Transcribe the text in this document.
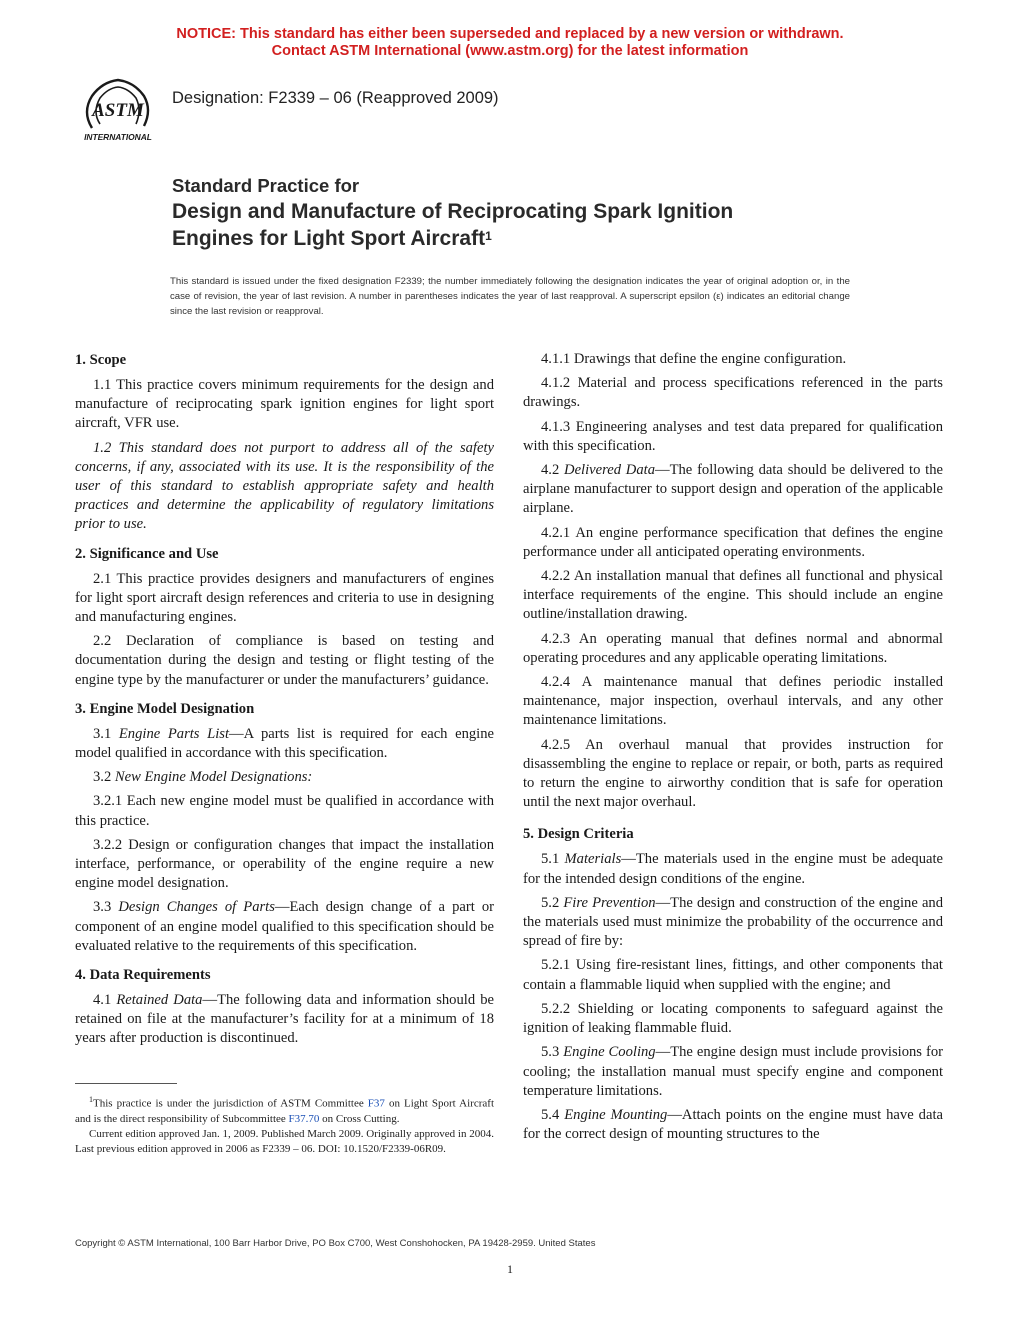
NOTICE: This standard has either been superseded and replaced by a new version or withdrawn.
Contact ASTM International (www.astm.org) for the latest information
ASTM
INTERNATIONAL
Designation: F2339 – 06 (Reapproved 2009)
Standard Practice for
Design and Manufacture of Reciprocating Spark Ignition
Engines for Light Sport Aircraft$^1$
This standard is issued under the fixed designation F2339; the number immediately following the designation indicates the year of original adoption or, in the case of revision, the year of last revision. A number in parentheses indicates the year of last reapproval. A superscript epsilon (ε) indicates an editorial change since the last revision or reapproval.
1. Scope

1.1 This practice covers minimum requirements for the design and manufacture of reciprocating spark ignition engines for light sport aircraft, VFR use.

1.2 This standard does not purport to address all of the safety concerns, if any, associated with its use. It is the responsibility of the user of this standard to establish appropriate safety and health practices and determine the applicability of regulatory limitations prior to use.

2. Significance and Use

2.1 This practice provides designers and manufacturers of engines for light sport aircraft design references and criteria to use in designing and manufacturing engines.

2.2 Declaration of compliance is based on testing and documentation during the design and testing or flight testing of the engine type by the manufacturer or under the manufacturers’ guidance.

3. Engine Model Designation

3.1 Engine Parts List—A parts list is required for each engine model qualified in accordance with this specification.

3.2 New Engine Model Designations:

3.2.1 Each new engine model must be qualified in accordance with this practice.

3.2.2 Design or configuration changes that impact the installation interface, performance, or operability of the engine require a new engine model designation.

3.3 Design Changes of Parts—Each design change of a part or component of an engine model qualified to this specification should be evaluated relative to the requirements of this specification.

4. Data Requirements

4.1 Retained Data—The following data and information should be retained on file at the manufacturer’s facility for at a minimum of 18 years after production is discontinued.

4.1.1 Drawings that define the engine configuration.

4.1.2 Material and process specifications referenced in the parts drawings.

4.1.3 Engineering analyses and test data prepared for qualification with this specification.

4.2 Delivered Data—The following data should be delivered to the airplane manufacturer to support design and operation of the applicable airplane.

4.2.1 An engine performance specification that defines the engine performance under all anticipated operating environments.

4.2.2 An installation manual that defines all functional and physical interface requirements of the engine. This should include an engine outline/installation drawing.

4.2.3 An operating manual that defines normal and abnormal operating procedures and any applicable operating limitations.

4.2.4 A maintenance manual that defines periodic installed maintenance, major inspection, overhaul intervals, and any other maintenance limitations.

4.2.5 An overhaul manual that provides instruction for disassembling the engine to replace or repair, or both, parts as required to return the engine to airworthy condition that is safe for operation until the next major overhaul.

5. Design Criteria

5.1 Materials—The materials used in the engine must be adequate for the intended design conditions of the engine.

5.2 Fire Prevention—The design and construction of the engine and the materials used must minimize the probability of the occurrence and spread of fire by:

5.2.1 Using fire-resistant lines, fittings, and other components that contain a flammable liquid when supplied with the engine; and

5.2.2 Shielding or locating components to safeguard against the ignition of leaking flammable fluid.

5.3 Engine Cooling—The engine design must include provisions for cooling; the installation manual must specify engine and component temperature limitations.

5.4 Engine Mounting—Attach points on the engine must have data for the correct design of mounting structures to the

$^1$This practice is under the jurisdiction of ASTM Committee F37 on Light Sport Aircraft and is the direct responsibility of Subcommittee F37.70 on Cross Cutting.

Current edition approved Jan. 1, 2009. Published March 2009. Originally approved in 2004. Last previous edition approved in 2006 as F2339 – 06. DOI: 10.1520/F2339-06R09.

Copyright © ASTM International, 100 Barr Harbor Drive, PO Box C700, West Conshohocken, PA 19428-2959. United States
1
